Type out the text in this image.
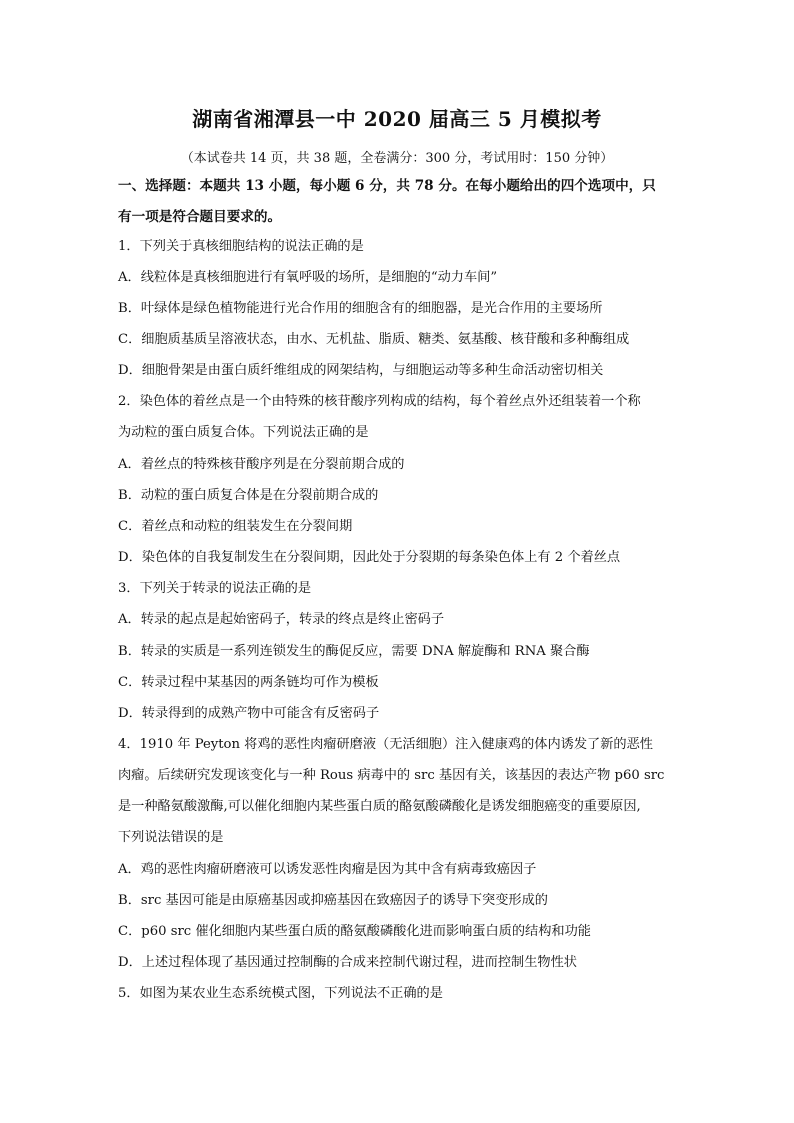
湖南省湘潭县一中 2020 届高三 5 月模拟考
（本试卷共 14 页，共 38 题，全卷满分：300 分，考试用时：150 分钟）
一、选择题：本题共 13 小题，每小题 6 分，共 78 分。在每小题给出的四个选项中，只
有一项是符合题目要求的。
1．下列关于真核细胞结构的说法正确的是
A．线粒体是真核细胞进行有氧呼吸的场所，是细胞的“动力车间”
B．叶绿体是绿色植物能进行光合作用的细胞含有的细胞器，是光合作用的主要场所
C．细胞质基质呈溶液状态，由水、无机盐、脂质、糖类、氨基酸、核苷酸和多种酶组成
D．细胞骨架是由蛋白质纤维组成的网架结构，与细胞运动等多种生命活动密切相关
2．染色体的着丝点是一个由特殊的核苷酸序列构成的结构，每个着丝点外还组装着一个称
为动粒的蛋白质复合体。下列说法正确的是
A．着丝点的特殊核苷酸序列是在分裂前期合成的
B．动粒的蛋白质复合体是在分裂前期合成的
C．着丝点和动粒的组装发生在分裂间期
D．染色体的自我复制发生在分裂间期，因此处于分裂期的每条染色体上有 2 个着丝点
3．下列关于转录的说法正确的是
A．转录的起点是起始密码子，转录的终点是终止密码子
B．转录的实质是一系列连锁发生的酶促反应，需要 DNA 解旋酶和 RNA 聚合酶
C．转录过程中某基因的两条链均可作为模板
D．转录得到的成熟产物中可能含有反密码子
4．1910 年 Peyton 将鸡的恶性肉瘤研磨液（无活细胞）注入健康鸡的体内诱发了新的恶性
肉瘤。后续研究发现该变化与一种 Rous 病毒中的 src 基因有关，该基因的表达产物 p60 src
是一种酪氨酸激酶,可以催化细胞内某些蛋白质的酪氨酸磷酸化是诱发细胞癌变的重要原因,
下列说法错误的是
A．鸡的恶性肉瘤研磨液可以诱发恶性肉瘤是因为其中含有病毒致癌因子
B．src 基因可能是由原癌基因或抑癌基因在致癌因子的诱导下突变形成的
C．p60 src 催化细胞内某些蛋白质的酪氨酸磷酸化进而影响蛋白质的结构和功能
D．上述过程体现了基因通过控制酶的合成来控制代谢过程，进而控制生物性状
5．如图为某农业生态系统模式图，下列说法不正确的是
